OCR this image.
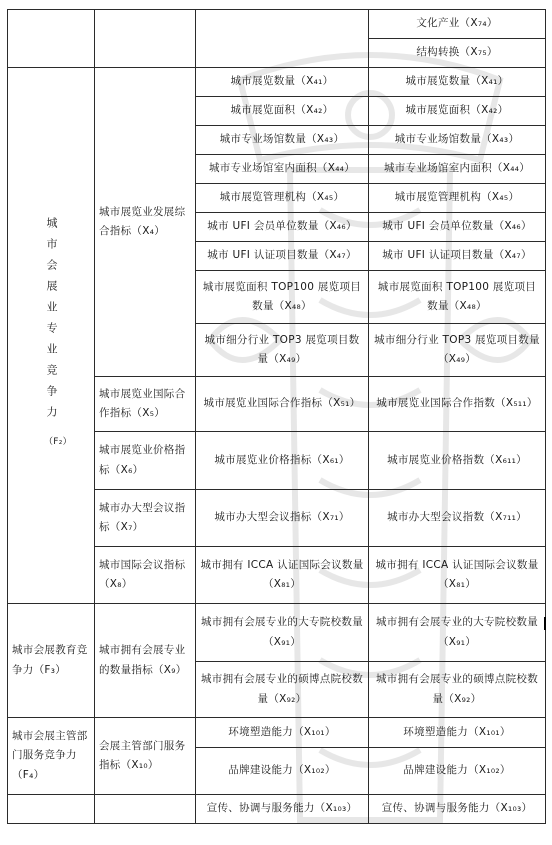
			文化产业（X₇₄）
			结构转换（X₇₅）

城市会展业专业竞争力
（F₂）	城市展览业发展综合指标（X₄）	城市展览数量（X₄₁）	城市展览数量（X₄₁）
		城市展览面积（X₄₂）	城市展览面积（X₄₂）
		城市专业场馆数量（X₄₃）	城市专业场馆数量（X₄₃）
		城市专业场馆室内面积（X₄₄）	城市专业场馆室内面积（X₄₄）
		城市展览管理机构（X₄₅）	城市展览管理机构（X₄₅）
		城市 UFI 会员单位数量（X₄₆）	城市 UFI 会员单位数量（X₄₆）
		城市 UFI 认证项目数量（X₄₇）	城市 UFI 认证项目数量（X₄₇）
		城市展览面积 TOP100 展览项目数量（X₄₈）	城市展览面积 TOP100 展览项目数量（X₄₈）
		城市细分行业 TOP3 展览项目数量（X₄₉）	城市细分行业 TOP3 展览项目数量（X₄₉）
	城市展览业国际合作指标（X₅）	城市展览业国际合作指标（X₅₁）	城市展览业国际合作指数（X₅₁₁）
	城市展览业价格指标（X₆）	城市展览业价格指标（X₆₁）	城市展览业价格指数（X₆₁₁）
	城市办大型会议指标（X₇）	城市办大型会议指标（X₇₁）	城市办大型会议指数（X₇₁₁）
	城市国际会议指标（X₈）	城市拥有 ICCA 认证国际会议数量（X₈₁）	城市拥有 ICCA 认证国际会议数量（X₈₁）
城市会展教育竞争力（F₃）	城市拥有会展专业的数量指标（X₉）	城市拥有会展专业的大专院校数量（X₉₁）	城市拥有会展专业的大专院校数量（X₉₁）
		城市拥有会展专业的硕博点院校数量（X₉₂）	城市拥有会展专业的硕博点院校数量（X₉₂）
城市会展主管部门服务竞争力（F₄）	会展主管部门服务指标（X₁₀）	环境塑造能力（X₁₀₁）	环境塑造能力（X₁₀₁）
		品牌建设能力（X₁₀₂）	品牌建设能力（X₁₀₂）
		宣传、协调与服务能力（X₁₀₃）	宣传、协调与服务能力（X₁₀₃）
